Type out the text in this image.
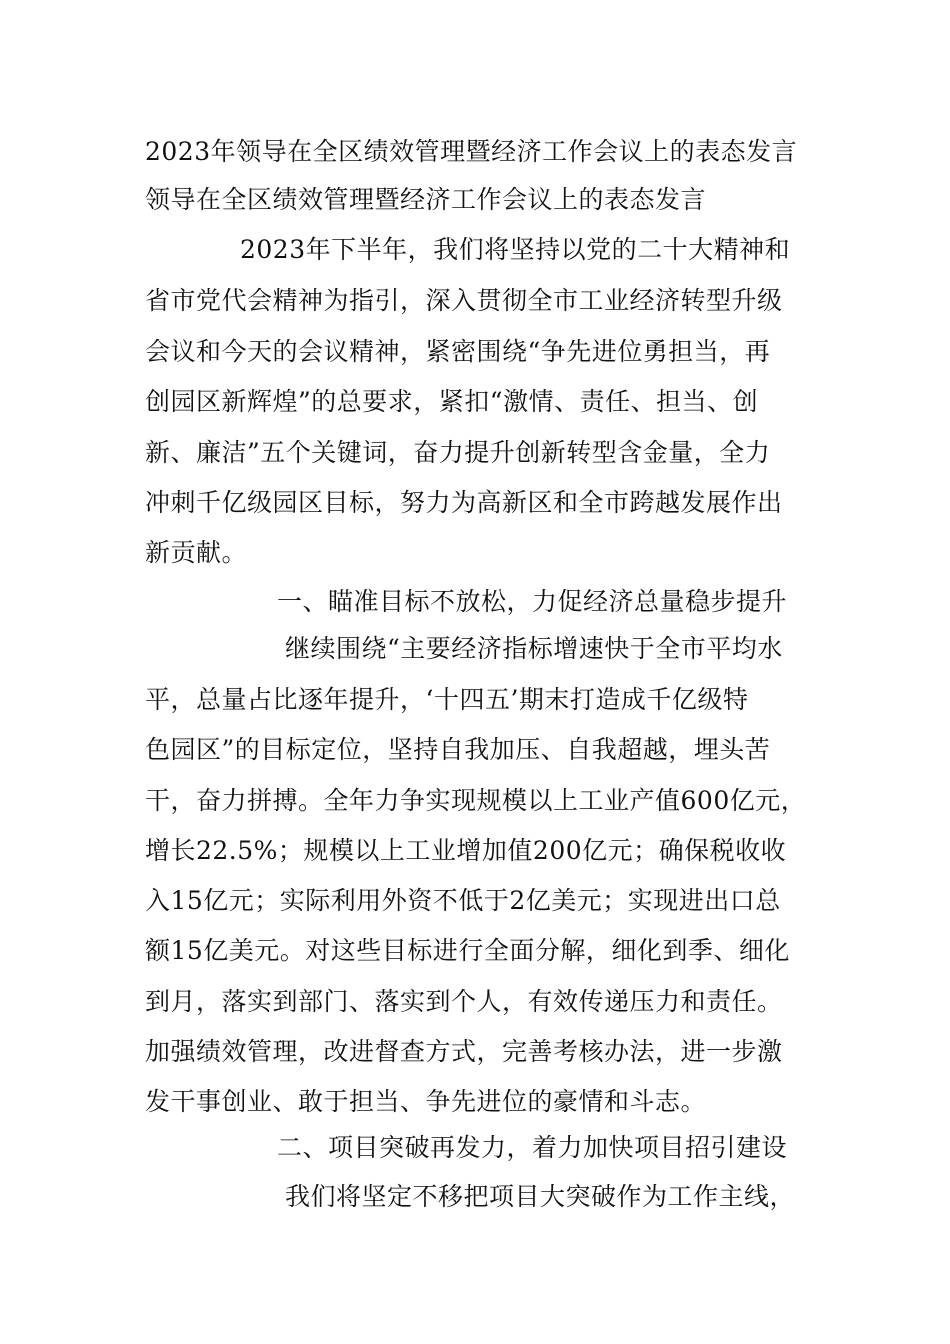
2023年领导在全区绩效管理暨经济工作会议上的表态发言
领导在全区绩效管理暨经济工作会议上的表态发言
2023年下半年，我们将坚持以党的二十大精神和
省市党代会精神为指引，深入贯彻全市工业经济转型升级
会议和今天的会议精神，紧密围绕“争先进位勇担当，再
创园区新辉煌”的总要求，紧扣“激情、责任、担当、创
新、廉洁”五个关键词，奋力提升创新转型含金量，全力
冲刺千亿级园区目标，努力为高新区和全市跨越发展作出
新贡献。
一、瞄准目标不放松，力促经济总量稳步提升
继续围绕“主要经济指标增速快于全市平均水
平，总量占比逐年提升，‘十四五’期末打造成千亿级特
色园区”的目标定位，坚持自我加压、自我超越，埋头苦
干，奋力拼搏。全年力争实现规模以上工业产值600亿元，
增长22.5%；规模以上工业增加值200亿元；确保税收收
入15亿元；实际利用外资不低于2亿美元；实现进出口总
额15亿美元。对这些目标进行全面分解，细化到季、细化
到月，落实到部门、落实到个人，有效传递压力和责任。
加强绩效管理，改进督查方式，完善考核办法，进一步激
发干事创业、敢于担当、争先进位的豪情和斗志。
二、项目突破再发力，着力加快项目招引建设
我们将坚定不移把项目大突破作为工作主线，
